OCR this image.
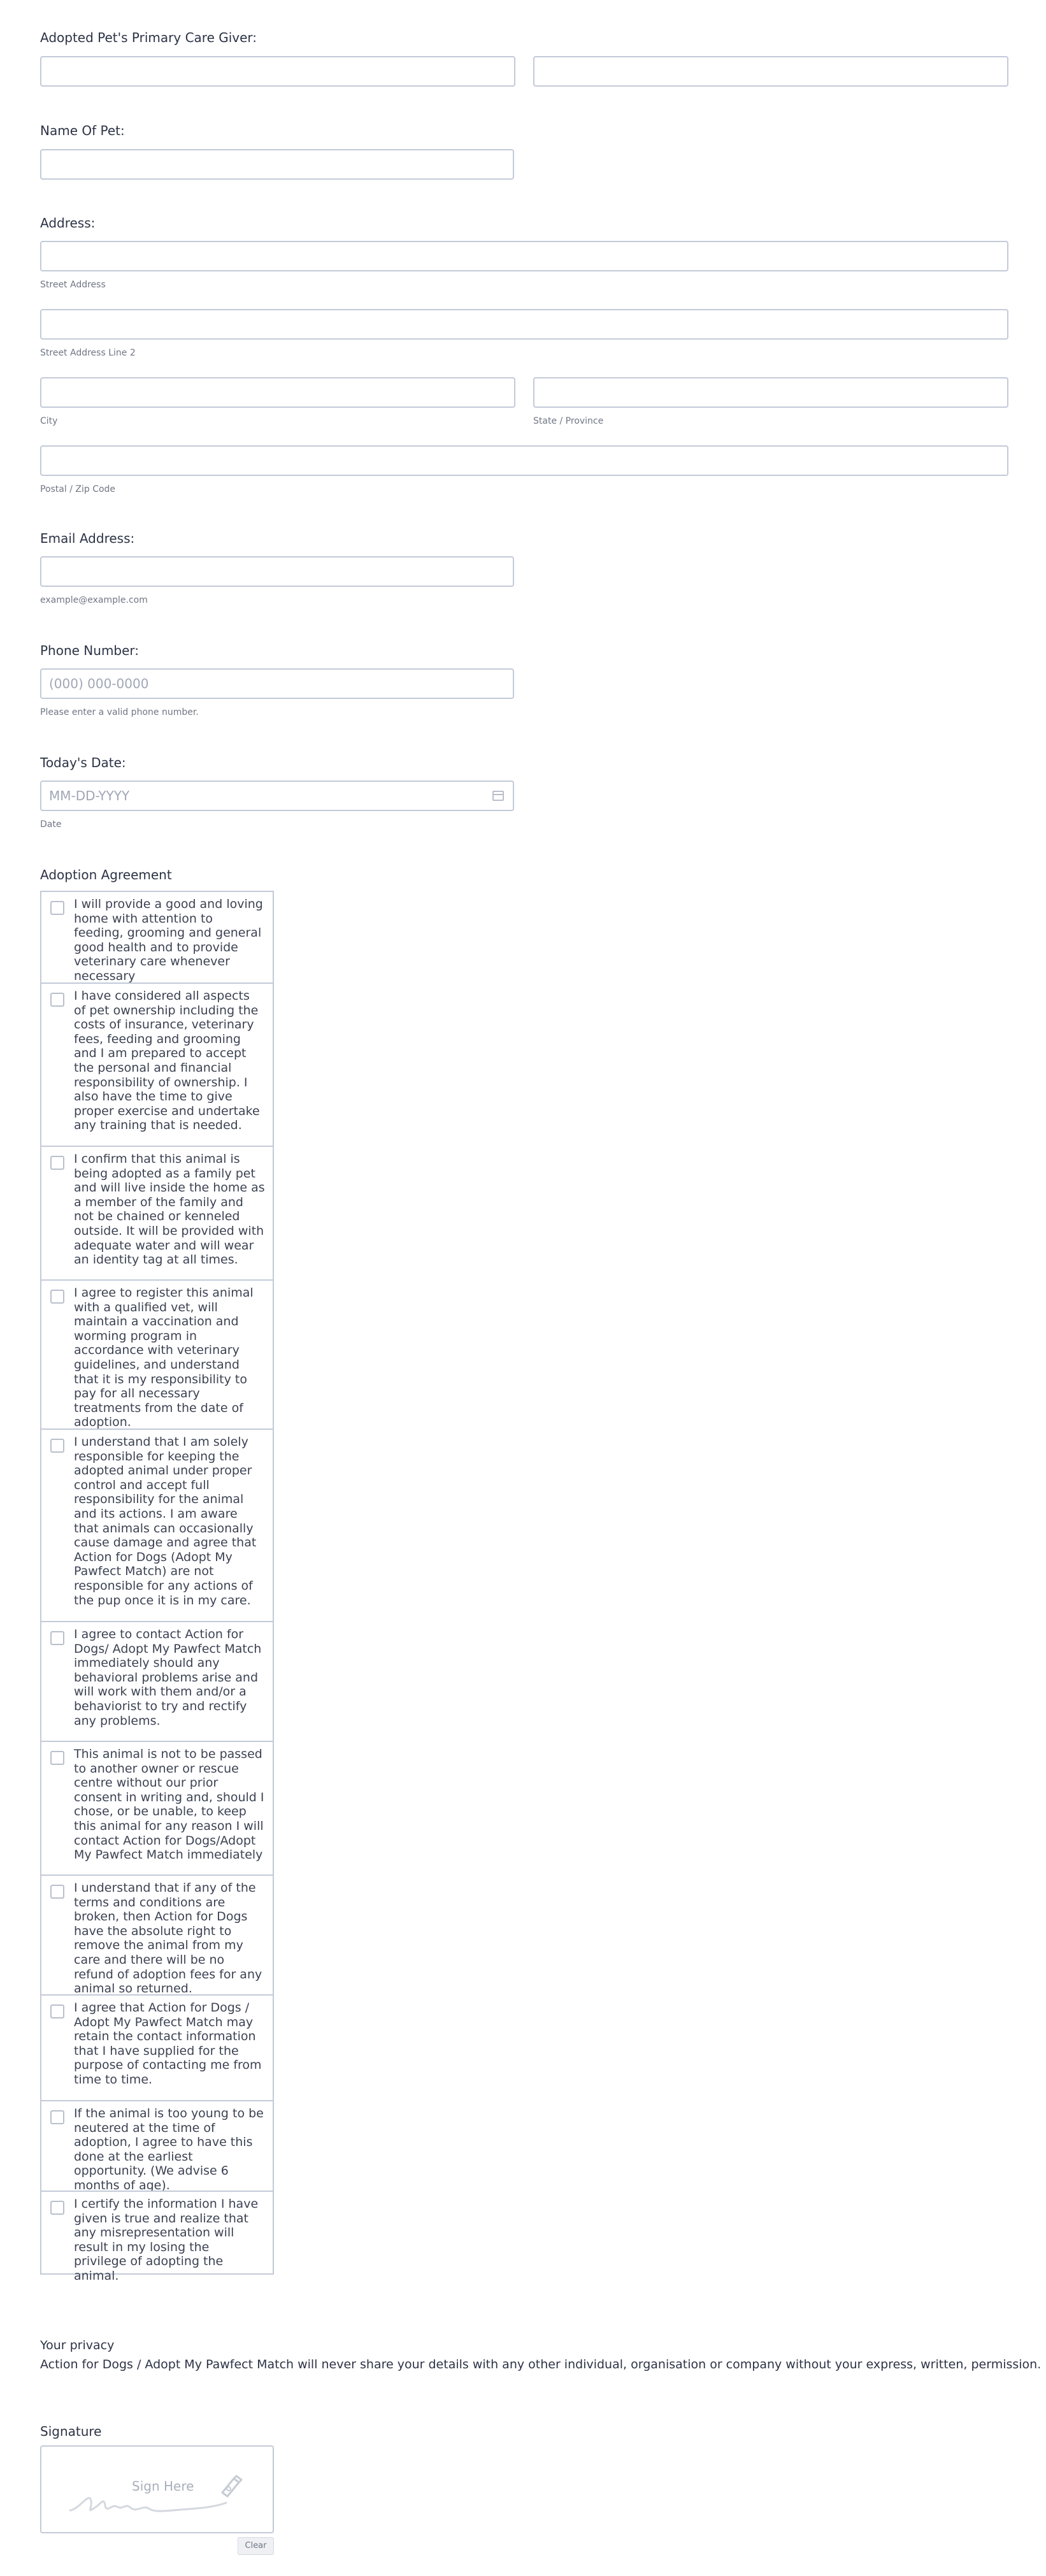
Adopted Pet's Primary Care Giver:
Name Of Pet:
Address:
Street Address
Street Address Line 2
City	State / Province
Postal / Zip Code
Email Address:
example@example.com
Phone Number:
(000) 000-0000
Please enter a valid phone number.
Today's Date:
MM-DD-YYYY
Date
Adoption Agreement
I will provide a good and loving home with attention to feeding, grooming and general good health and to provide veterinary care whenever necessary
I have considered all aspects of pet ownership including the costs of insurance, veterinary fees, feeding and grooming and I am prepared to accept the personal and financial responsibility of ownership. I also have the time to give proper exercise and undertake any training that is needed.
I confirm that this animal is being adopted as a family pet and will live inside the home as a member of the family and not be chained or kenneled outside. It will be provided with adequate water and will wear an identity tag at all times.
I agree to register this animal with a qualified vet, will maintain a vaccination and worming program in accordance with veterinary guidelines, and understand that it is my responsibility to pay for all necessary treatments from the date of adoption.
I understand that I am solely responsible for keeping the adopted animal under proper control and accept full responsibility for the animal and its actions. I am aware that animals can occasionally cause damage and agree that Action for Dogs (Adopt My Pawfect Match) are not responsible for any actions of the pup once it is in my care.
I agree to contact Action for Dogs/ Adopt My Pawfect Match immediately should any behavioral problems arise and will work with them and/or a behaviorist to try and rectify any problems.
This animal is not to be passed to another owner or rescue centre without our prior consent in writing and, should I chose, or be unable, to keep this animal for any reason I will contact Action for Dogs/Adopt My Pawfect Match immediately
I understand that if any of the terms and conditions are broken, then Action for Dogs have the absolute right to remove the animal from my care and there will be no refund of adoption fees for any animal so returned.
I agree that Action for Dogs / Adopt My Pawfect Match may retain the contact information that I have supplied for the purpose of contacting me from time to time.
If the animal is too young to be neutered at the time of adoption, I agree to have this done at the earliest opportunity. (We advise 6 months of age).
I certify the information I have given is true and realize that any misrepresentation will result in my losing the privilege of adopting the animal.
Your privacy
Action for Dogs / Adopt My Pawfect Match will never share your details with any other individual, organisation or company without your express, written, permission.
Signature
Sign Here
Clear
